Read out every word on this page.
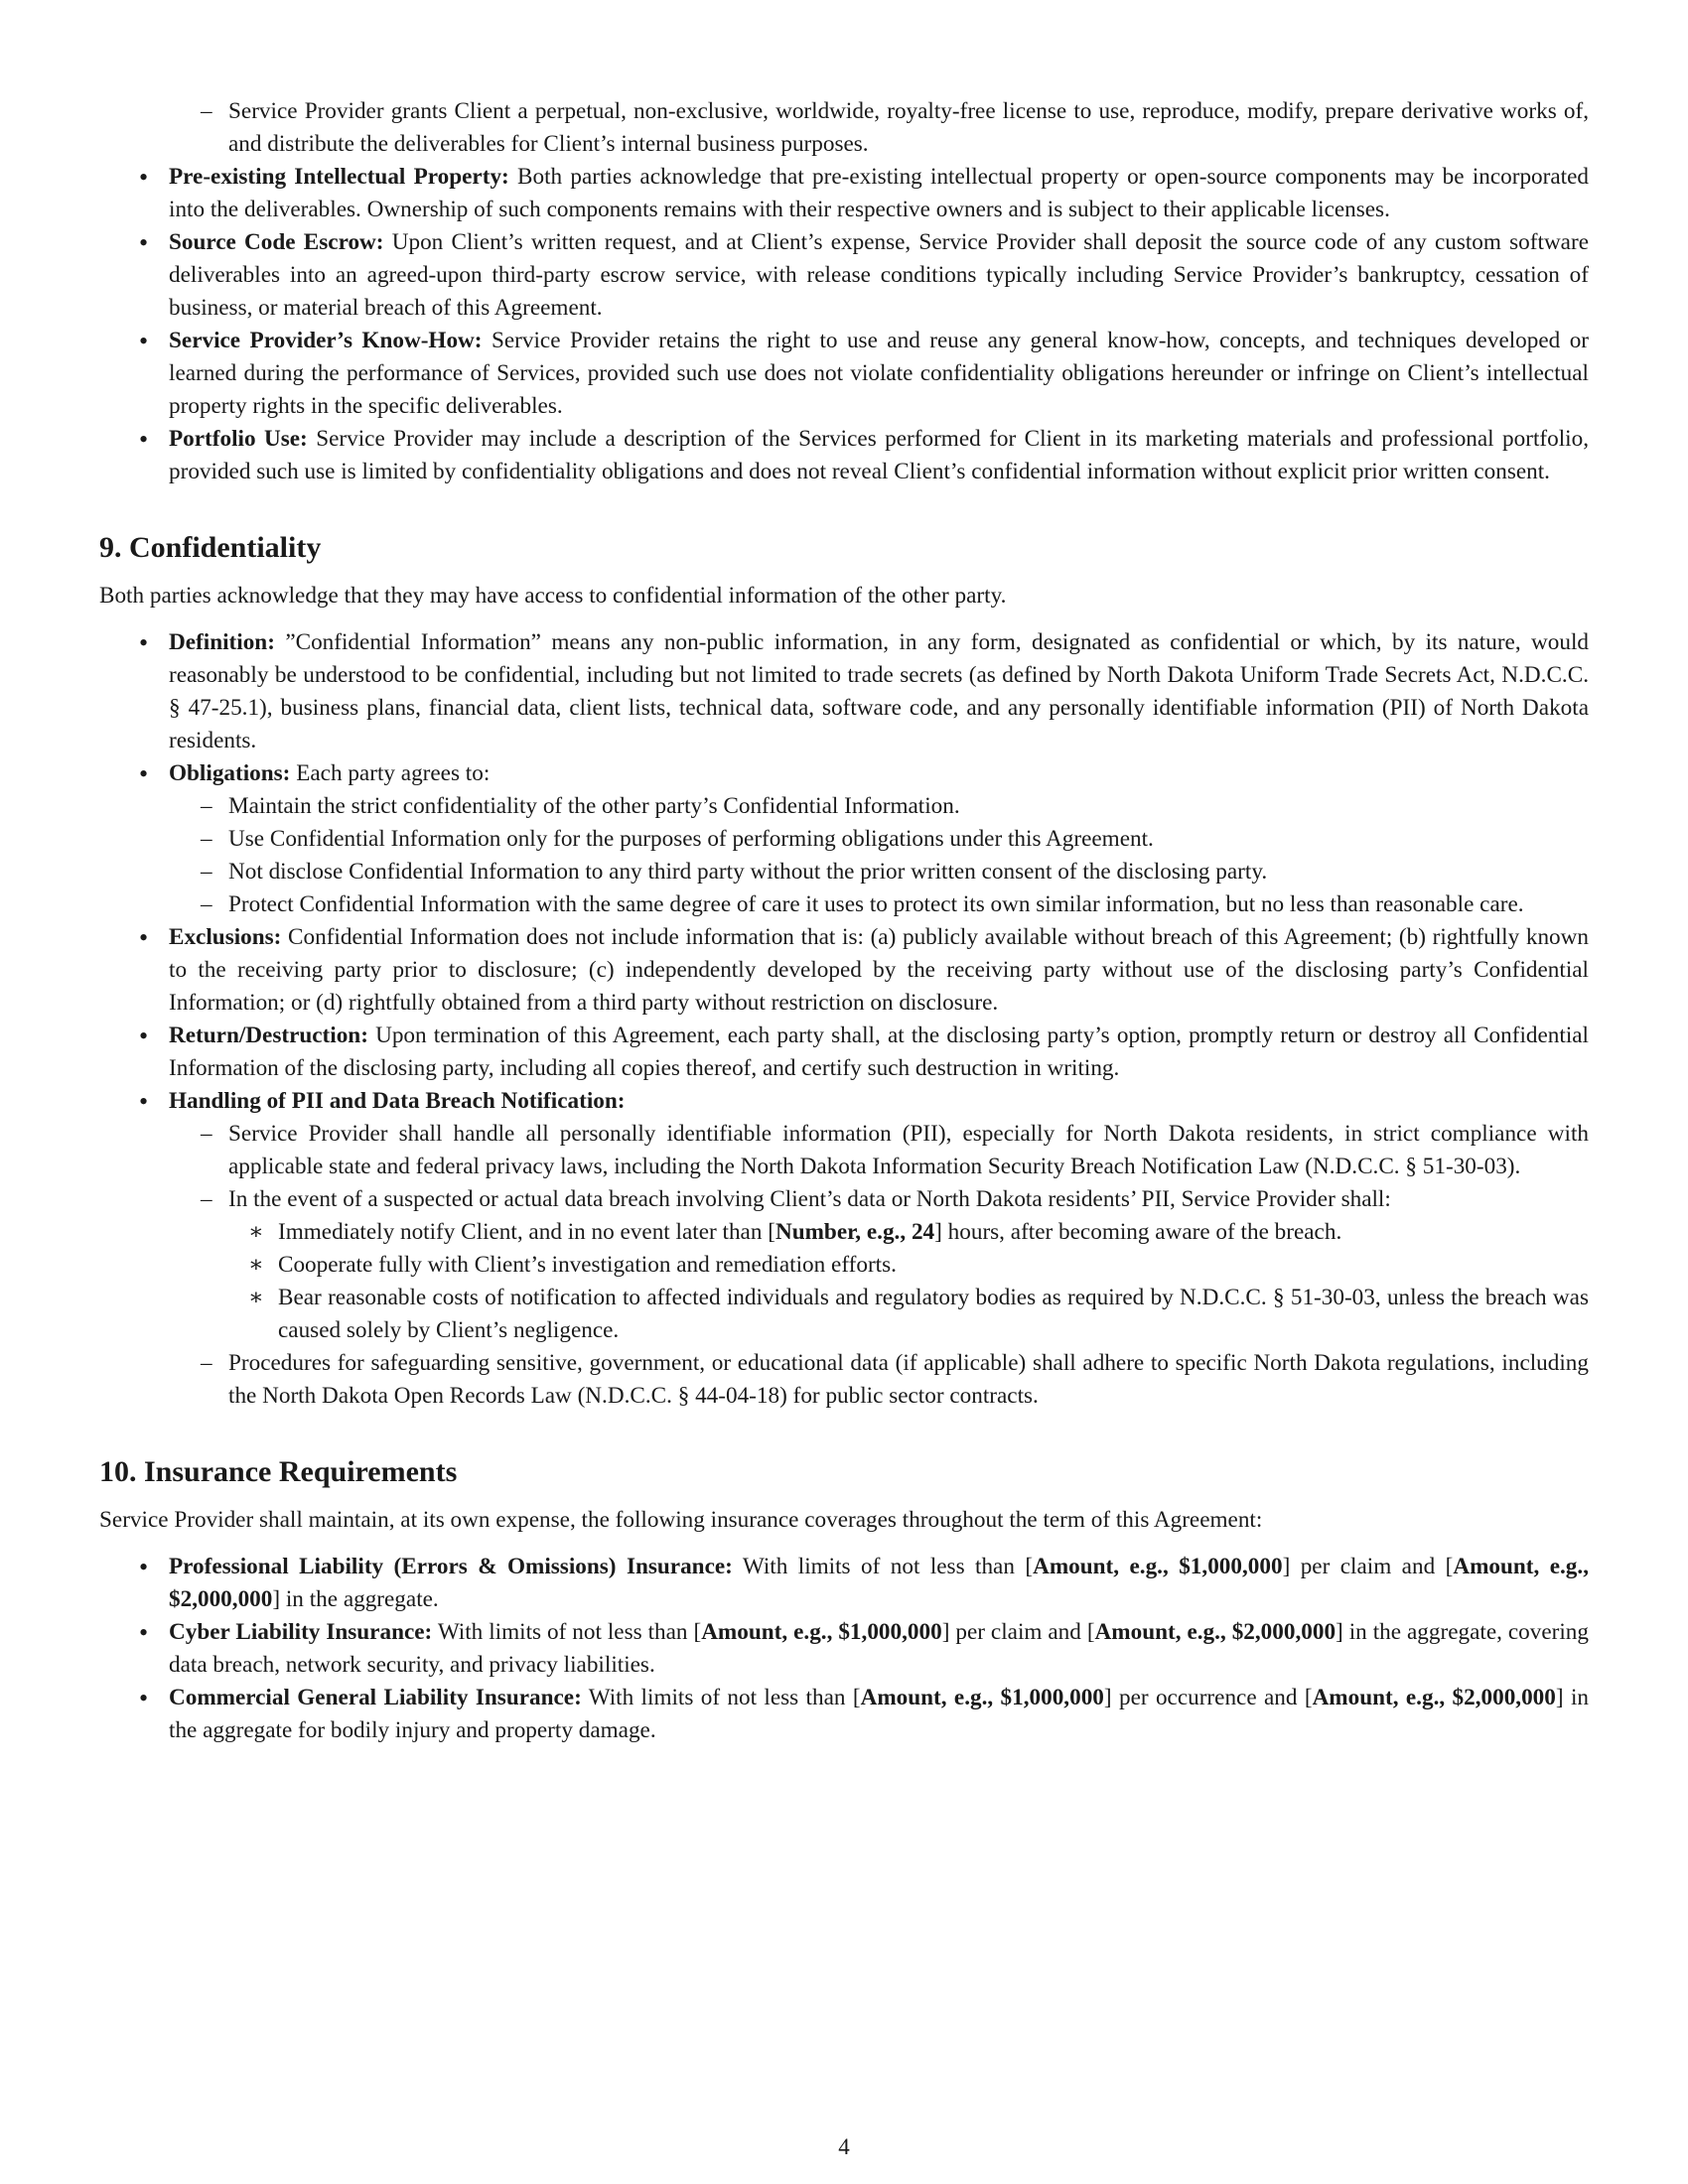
– Service Provider grants Client a perpetual, non-exclusive, worldwide, royalty-free license to use, reproduce, modify, prepare derivative works of, and distribute the deliverables for Client’s internal business purposes.
• Pre-existing Intellectual Property: Both parties acknowledge that pre-existing intellectual property or open-source components may be incorporated into the deliverables. Ownership of such components remains with their respective owners and is subject to their applicable licenses.
• Source Code Escrow: Upon Client’s written request, and at Client’s expense, Service Provider shall deposit the source code of any custom software deliverables into an agreed-upon third-party escrow service, with release conditions typically including Service Provider’s bankruptcy, cessation of business, or material breach of this Agreement.
• Service Provider’s Know-How: Service Provider retains the right to use and reuse any general know-how, concepts, and techniques developed or learned during the performance of Services, provided such use does not violate confidentiality obligations hereunder or infringe on Client’s intellectual property rights in the specific deliverables.
• Portfolio Use: Service Provider may include a description of the Services performed for Client in its marketing materials and professional portfolio, provided such use is limited by confidentiality obligations and does not reveal Client’s confidential information without explicit prior written consent.
9. Confidentiality
Both parties acknowledge that they may have access to confidential information of the other party.
• Definition: ”Confidential Information” means any non-public information, in any form, designated as confidential or which, by its nature, would reasonably be understood to be confidential, including but not limited to trade secrets (as defined by North Dakota Uniform Trade Secrets Act, N.D.C.C. § 47-25.1), business plans, financial data, client lists, technical data, software code, and any personally identifiable information (PII) of North Dakota residents.
• Obligations: Each party agrees to:
– Maintain the strict confidentiality of the other party’s Confidential Information.
– Use Confidential Information only for the purposes of performing obligations under this Agreement.
– Not disclose Confidential Information to any third party without the prior written consent of the disclosing party.
– Protect Confidential Information with the same degree of care it uses to protect its own similar information, but no less than reasonable care.
• Exclusions: Confidential Information does not include information that is: (a) publicly available without breach of this Agreement; (b) rightfully known to the receiving party prior to disclosure; (c) independently developed by the receiving party without use of the disclosing party’s Confidential Information; or (d) rightfully obtained from a third party without restriction on disclosure.
• Return/Destruction: Upon termination of this Agreement, each party shall, at the disclosing party’s option, promptly return or destroy all Confidential Information of the disclosing party, including all copies thereof, and certify such destruction in writing.
• Handling of PII and Data Breach Notification:
– Service Provider shall handle all personally identifiable information (PII), especially for North Dakota residents, in strict compliance with applicable state and federal privacy laws, including the North Dakota Information Security Breach Notification Law (N.D.C.C. § 51-30-03).
– In the event of a suspected or actual data breach involving Client’s data or North Dakota residents’ PII, Service Provider shall:
∗ Immediately notify Client, and in no event later than [Number, e.g., 24] hours, after becoming aware of the breach.
∗ Cooperate fully with Client’s investigation and remediation efforts.
∗ Bear reasonable costs of notification to affected individuals and regulatory bodies as required by N.D.C.C. § 51-30-03, unless the breach was caused solely by Client’s negligence.
– Procedures for safeguarding sensitive, government, or educational data (if applicable) shall adhere to specific North Dakota regulations, including the North Dakota Open Records Law (N.D.C.C. § 44-04-18) for public sector contracts.
10. Insurance Requirements
Service Provider shall maintain, at its own expense, the following insurance coverages throughout the term of this Agreement:
• Professional Liability (Errors & Omissions) Insurance: With limits of not less than [Amount, e.g., $1,000,000] per claim and [Amount, e.g., $2,000,000] in the aggregate.
• Cyber Liability Insurance: With limits of not less than [Amount, e.g., $1,000,000] per claim and [Amount, e.g., $2,000,000] in the aggregate, covering data breach, network security, and privacy liabilities.
• Commercial General Liability Insurance: With limits of not less than [Amount, e.g., $1,000,000] per occurrence and [Amount, e.g., $2,000,000] in the aggregate for bodily injury and property damage.
4
